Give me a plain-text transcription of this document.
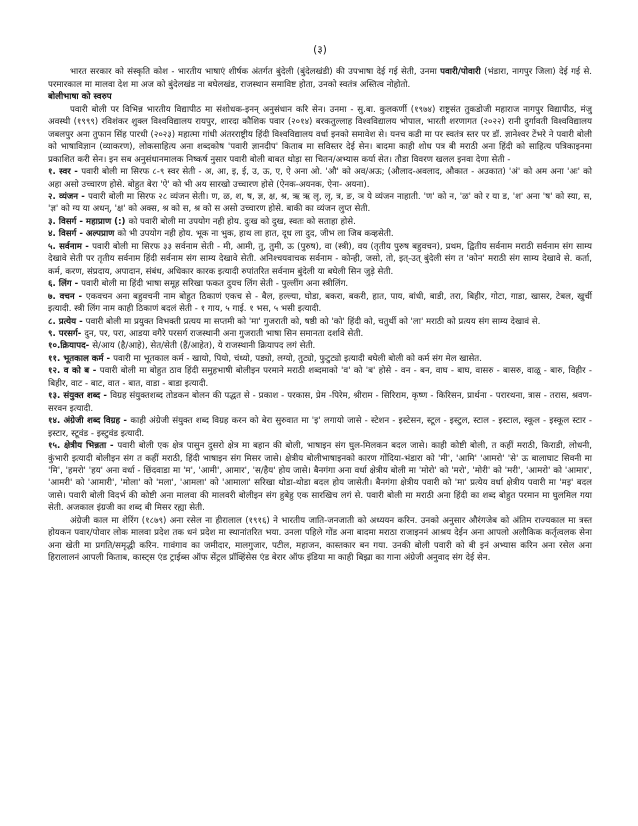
(३)

भारत सरकार को संस्कृति कोश - भारतीय भाषाएं शीर्षक अंतर्गत बुंदेली (बुंदेलखंडी) की उपभाषा देई गई सेती, उनमा पवारी/पोवारी (भंडारा, नागपुर जिला) देई गई से. परमारकाल मा मालवा देश मा अज को बुंदेलखंड ना बघेलखंड, राजस्थान समाविष्ट होता, उनको स्वतंत्र अस्तित्व नोहोतो.

बोलीभाषा को स्वरुप

पवारी बोली पर विभिन्न भारतीय विद्यापीठ मा संशोधक-इनन् अनुसंधान करि सेन। उनमा - सु.बा. कुलकर्णी (१९७४) राष्ट्रसंत तुकडोजी महाराज नागपुर विद्यापीठ, मंजु अवस्थी (१९९९) रविशंकर शुक्ल विश्वविद्यालय रायपुर, शारदा कौशिक पवार (२०१४) बरकतुल्लाह विश्वविद्यालय भोपाल, भारती शरणागत (२०२२) रानी दुर्गावती विश्वविद्यालय जबलपुर अना तुफान सिंह पारधी (२०२३) महात्मा गांधी अंतरराष्ट्रीय हिंदी विश्वविद्यालय वर्धा इनको समावेश से। यनच कडी मा पर स्वतंत्र स्तर पर डॉ. ज्ञानेश्वर टेंभरे ने पवारी बोली को भाषाविज्ञान (व्याकरण), लोकसाहित्य अना शब्दकोष 'पवारी ज्ञानदीप' किताब मा सविस्तर देई सेन। बादमा काही शोध पत्र बी मराठी अना हिंदी को साहित्य पत्रिकाइनमा प्रकाशित करी सेन। इन सब अनुसंधानमालक निष्कर्ष नुसार पवारी बोली बाबत थोड़ा सा चितन/अभ्यास कर्या सेत। तौडा विवरण खलल इनवा देणा सेती -

१. स्वर - पवारी बोली मा सिरफ ८-९ स्वर सेती - अ, आ, इ, ई, उ, ऊ, ए, ऐ अना ओ. 'औ' को अव/अऊ; (औलाद-अवलाद, औकात - अउकात) 'अं' को अम अना 'अः' को अहा असो उच्चारण होसे. बोहुत बेरा 'ऐ' को भी अय सारखो उच्चारण होसे (ऐनक-अयनक, ऐना- अयना).

२. व्यंजन - पवारी बोली मा सिरफ २८ व्यंजन सेती। ण, ळ, श, ष, ज्ञ, क्ष, श्र, ऋ ऋ लृ, लृ, त्र, ङ, ञ ये व्यंजन नाहाती. 'ण' को न, 'ळ' को र या ड, 'श' अना 'ष' को स्या, स, 'ज्ञ' को ग्य या अधन्, 'क्ष' को अक्स, श्र को स, श्र को स असो उच्चारण होसे. बाकी का व्यंजन लुप्त सेती.

३. विसर्ग - महाप्राण (:) को पवारी बोली मा उपयोग नही होय. दुःख को दुख, स्वतः को सताहा होसे.

४. विसर्ग - अल्पप्राण को भी उपयोग नही होय. भूक ना भुक, हाथ ला हात, दूध ला दुद, जीभ ला जिब कव्हसेती.

५. सर्वनाम - पवारी बोली मा सिरफ ३३ सर्वनाम सेती - मी, आमी, तु, तुमी, ऊ (पुरुष), वा (स्त्री), वय (तृतीय पुरुष बहुवचन), प्रथम, द्वितीय सर्वनाम मराठी सर्वनाम संग साम्य देखावे सेती पर तृतीय सर्वनाम हिंदी सर्वनाम संग साम्य देखावे सेती. अनिश्चयवाचक सर्वनाम - कोन्ही, जसो, तो, इत्-उत् बुंदेली संग त 'कोन' मराठी संग साम्य देखावे से. कर्ता, कर्म, करण, संप्रदाय, अपादान, संबंध, अधिकार कारक इत्यादी रुपांतरित सर्वनाम बुंदेली या बघेली सिन जुड़े सेती.

६. लिंग - पवारी बोली मा हिंदी भाषा समूह सरिखा फकत दुयच लिंग सेती - पुल्लींग अना स्त्रीलिंग.

७. वचन - एकवचन अना बहुवचनी नाम बोहुत ठिकाणं एकच से - बैल, हल्ल्या, घोडा, बकरा, बकरी, हात, पाय, बांधी, बाडी, तरा, बिहीर, गोटा, गाडा, खासर, टेबल, खुर्ची इत्यादी. स्त्री लिंग नाम काही ठिकाणं बदलं सेती - १ गाय, ५ गाई. १ भस, ५ भसी इत्यादी.

८. प्रत्येय - पवारी बोली मा प्रयुक्त विभक्ती प्रत्यय मा सप्तमी को 'मा' गुजराती को, षष्ठी को 'को' हिंदी को, चतुर्थी को 'ला' मराठी को प्रत्यय संग साम्य देखावं से.

९. परसर्ग- दुन, पर, परा, आडया वगैरे परसर्ग राजस्थानी अना गुजराती भाषा सिन समानता दर्शावे सेती.

१०.क्रियापद- से/आय (है/आहे), सेत/सेती (हैं/आहेत), ये राजस्थानी क्रियापद लगं सेती.

११. भूतकाल कर्म - पवारी मा भूतकाल कर्म - खायो, पियो, चंध्यो, पड्यो, लग्यो, तुट्यो, फुटुट्यो इत्यादी बघेली बोली को कर्म संग मेल खासेत.

१२. व को ब - पवारी बोली मा बोहुत ठाव हिंदी समुहभाषी बोलीइन परमाने मराठी शब्दमाको 'व' को 'ब' होसे - वन - बन, वाघ - बाघ, वासरु - बासरु, वाळू - बारु, विहीर - बिहीर, वाट - बाट, वात - बात, वाडा - बाडा इत्यादी.

१३. संयुक्त शब्द - विग्रह संयुक्तशब्द तोडकन बोलन की पद्धत से - प्रकाश - परकास, प्रेम -पिरेम, श्रीराम - सिरिराम, कृष्ण - किरिसन, प्रार्थना - परारथना, त्रास - तरास, श्रवण- सरवन इत्यादी.

१४. अंग्रेजी शब्द विग्रह - काही अंग्रेजी संयुक्त शब्द विग्रह करन को बेरा सुरुवात मा 'इ' लगायो जासे - स्टेशन - इस्टेसन, स्टूल - इस्टुल, स्टाल - इस्टाल, स्कूल - इस्कूल स्टार - इस्टार, स्टूवंड - इस्टुवंड इत्यादी.

१५. क्षेत्रीय भिन्नता - पवारी बोली एक क्षेत्र पासुन दुसरो क्षेत्र मा बहान की बोली, भाषाइन संग घुल-मिलकन बदल जासे। काही कोष्टी बोली, त कहीं मराठी, किराडी, लोधनी, कुंभारी इत्यादी बोलीइन संग त कहीं मराठी, हिंदी भाषाइन संग मिसर जासे। क्षेत्रीय बोलीभाषाइनको कारण गोंदिया-भंडारा को 'मी', 'आमि' 'आमरो' 'से' ऊ बालाघाट सिवनी मा 'मि', 'हमरो' 'हय' अना वर्धा - छिंदवाडा मा 'म', 'आमी', आमार', 'स/हैय' होय जासे। बैनगंगा अना वर्धा क्षेत्रीय बोली मा 'मोरो' को 'मरो', 'मोरी' को 'मरी', 'आमरो' को 'आमार', 'आमरी' को 'आमारी', 'मोला' को 'मला', 'आमला' को 'आमाला' सरिखा थोडा-थोडा बदल होय जासेती। बैनगंगा क्षेत्रीय पवारी को 'मा' प्रत्येय वर्धा क्षेत्रीय पवारी मा 'मइ' बदल जासे। पवारी बोली विदर्भ की कोष्टी अना मालवा की मालवरी बोलीइन संग हुबेहु एक सारखिच लगं से. पवारी बोली मा मराठी अना हिंदी का शब्द बोहुत परमान मा घुलमिल गया सेती. अजकाल इंग्रजी का शब्द बी मिसर रह्या सेती.

अंग्रेजी काल मा शेरिंग (१८७९) अना रसेल ना हीरालाल (१९१६) ने भारतीय जाति-जनजाती को अध्ययन करिन. उनको अनुसार औरंगजेब को अंतिम राज्यकाल मा त्रस्त होयकन पवार/पोवार लोक मालवा प्रदेश तक धनं प्रदेश मा स्थानांतरित भया. उनला पहिले गोंड अना बादमा मराठा राजाइननं आश्रय देईन अना आपलो अलौकिक कर्तृत्वलक सेना अना खेती मा प्रगति/समृद्धी करिन. गावंगाव का जमीदार, मालगुजार, पटील, महाजन, कास्तकार बन गया. उनकी बोली पवारी को बी इनं अभ्यास करिन अना रसेल अना हिरालालनं आपली किताब, कास्ट्स एंड ट्राईब्स ऑफ सेंट्रल प्रॉव्हिंसेस एंड बेरार ऑफ इंडिया मा काही बिझ्रा का गाना अंग्रेजी अनुवाद संग देई सेन.
